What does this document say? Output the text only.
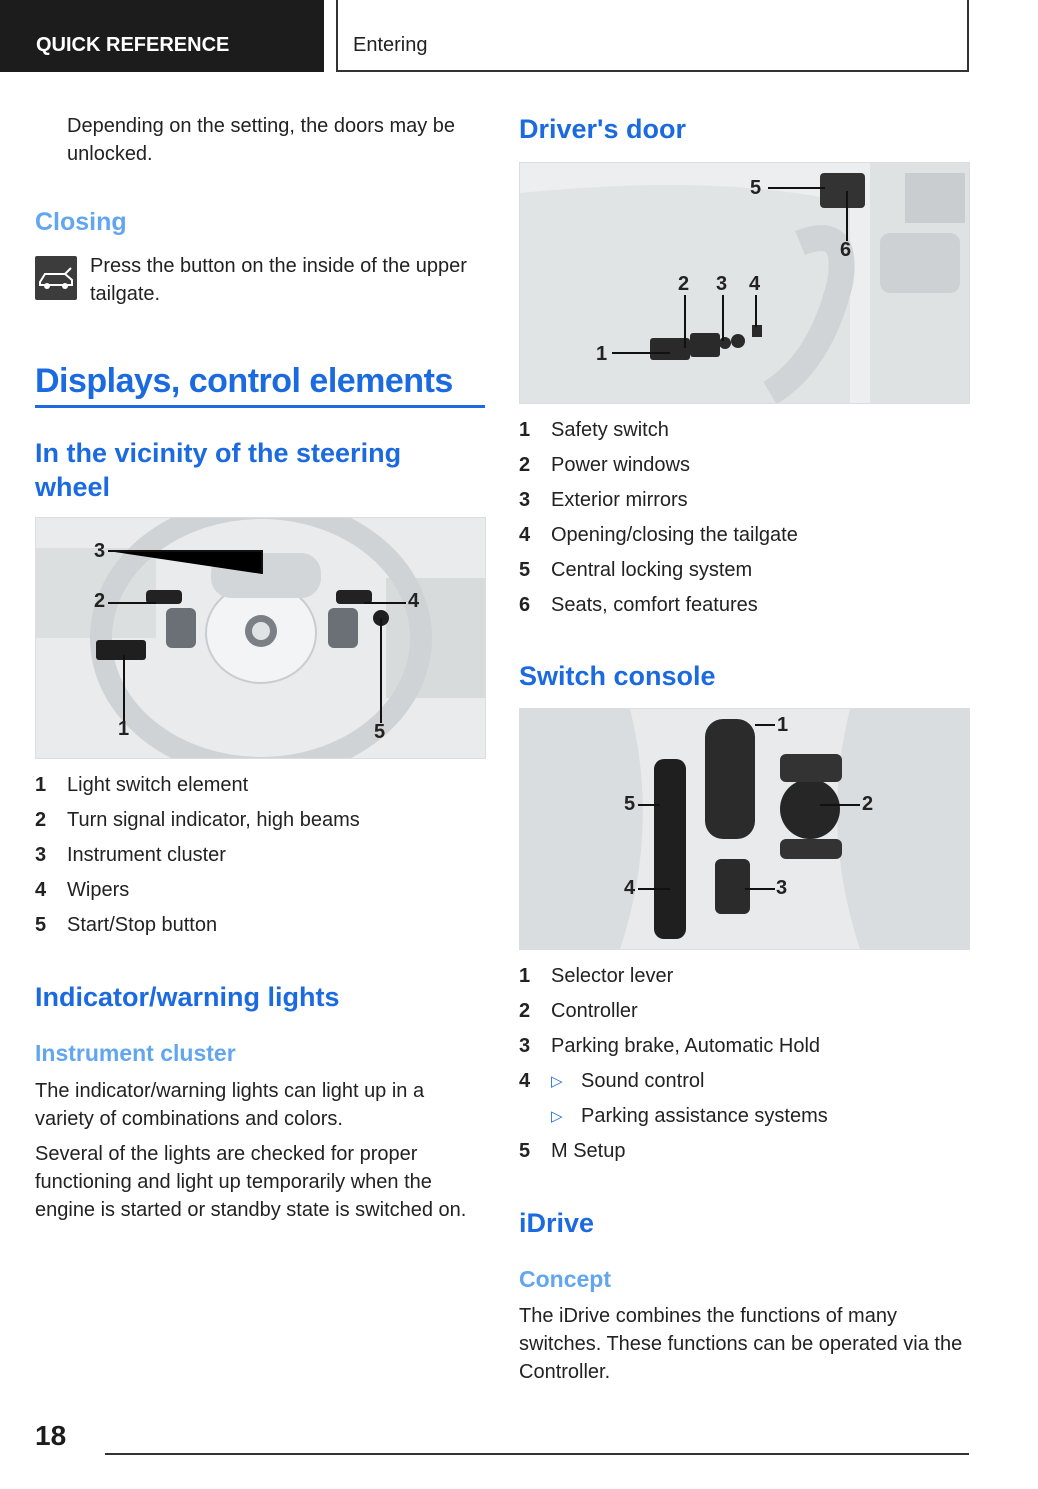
QUICK REFERENCE	Entering

Depending on the setting, the doors may be unlocked.

Closing

Press the button on the inside of the upper tailgate.

Displays, control elements
In the vicinity of the steering wheel
1
2
3
4
5
1	Light switch element
2	Turn signal indicator, high beams
3	Instrument cluster
4	Wipers
5	Start/Stop button
Indicator/warning lights
Instrument cluster

The indicator/warning lights can light up in a variety of combinations and colors.

Several of the lights are checked for proper functioning and light up temporarily when the engine is started or standby state is switched on.

Driver's door
1
2 3 4
5
6
1	Safety switch
2	Power windows
3	Exterior mirrors
4	Opening/closing the tailgate
5	Central locking system
6	Seats, comfort features
Switch console
1
2
3
4
5
1	Selector lever
2	Controller
3	Parking brake, Automatic Hold
4	▷ Sound control
▷ Parking assistance systems
5	M Setup
iDrive
Concept

The iDrive combines the functions of many switches. These functions can be operated via the Controller.

18
